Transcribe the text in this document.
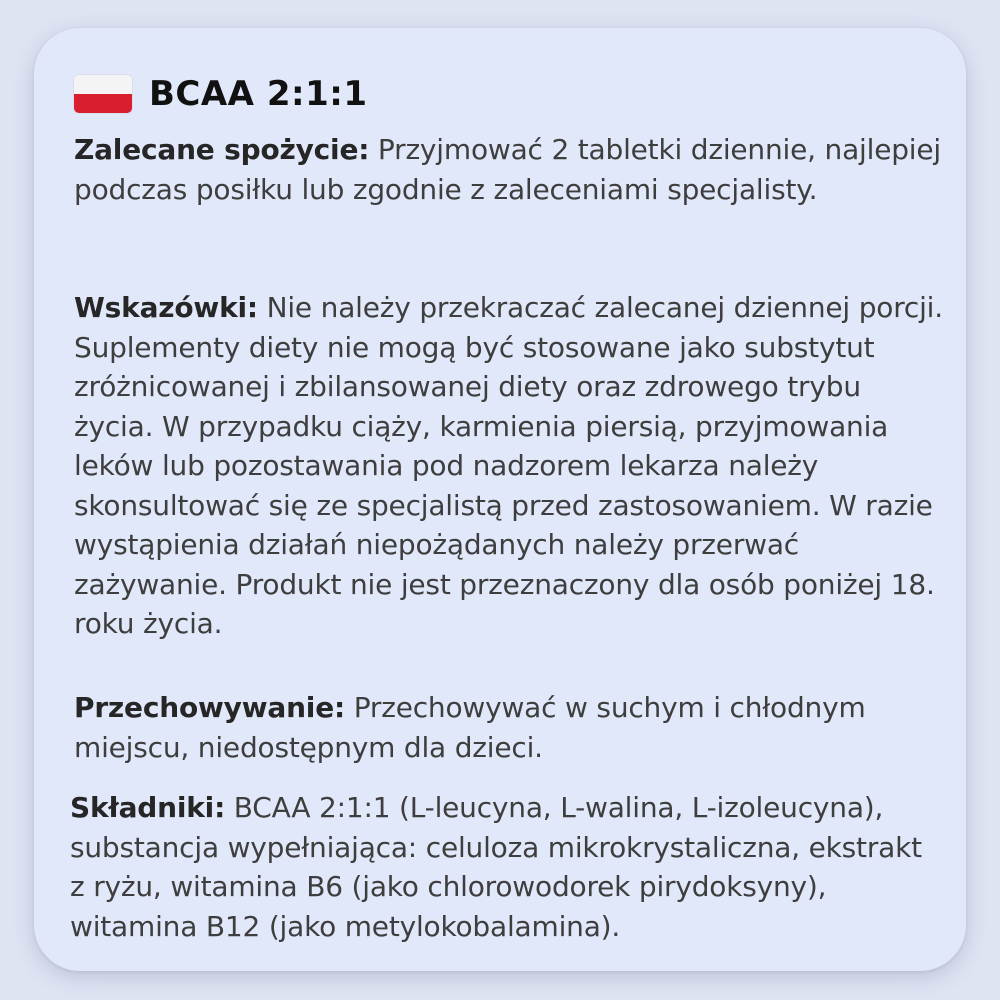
BCAA 2:1:1
Zalecane spożycie: Przyjmować 2 tabletki dziennie, najlepiej podczas posiłku lub zgodnie z zaleceniami specjalisty.
Wskazówki: Nie należy przekraczać zalecanej dziennej porcji. Suplementy diety nie mogą być stosowane jako substytut zróżnicowanej i zbilansowanej diety oraz zdrowego trybu życia. W przypadku ciąży, karmienia piersią, przyjmowania leków lub pozostawania pod nadzorem lekarza należy skonsultować się ze specjalistą przed zastosowaniem. W razie wystąpienia działań niepożądanych należy przerwać zażywanie. Produkt nie jest przeznaczony dla osób poniżej 18. roku życia.
Przechowywanie: Przechowywać w suchym i chłodnym miejscu, niedostępnym dla dzieci.
Składniki: BCAA 2:1:1 (L-leucyna, L-walina, L-izoleucyna), substancja wypełniająca: celuloza mikrokrystaliczna, ekstrakt z ryżu, witamina B6 (jako chlorowodorek pirydoksyny), witamina B12 (jako metylokobalamina).
